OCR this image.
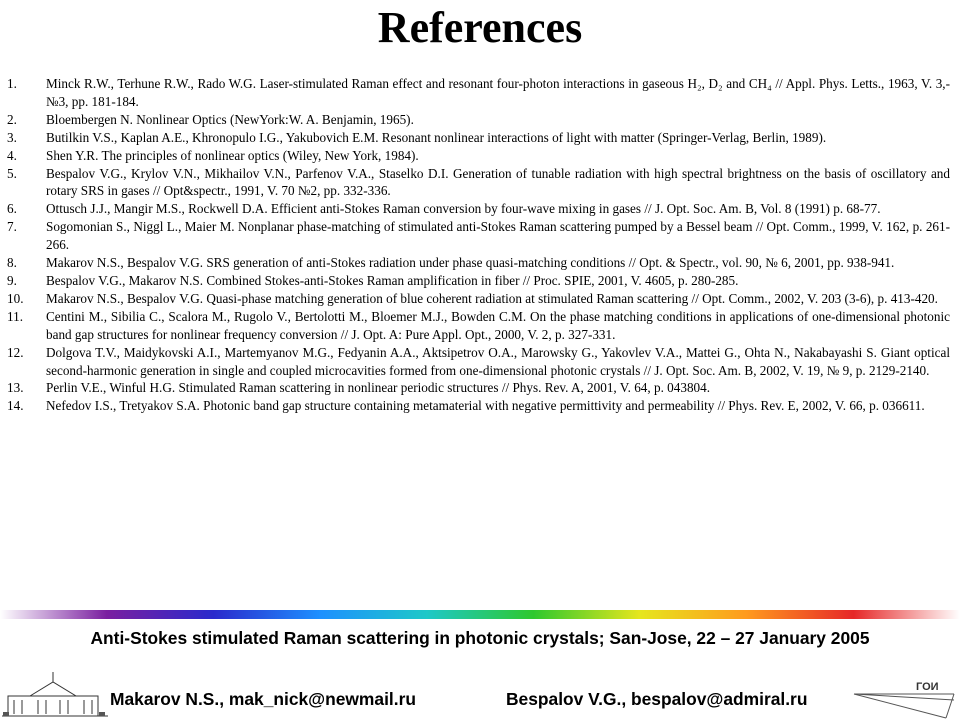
References
1. Minck R.W., Terhune R.W., Rado W.G. Laser-stimulated Raman effect and resonant four-photon interactions in gaseous H₂, D₂ and CH₄ // Appl. Phys. Letts., 1963, V. 3,-№3, pp. 181-184.
2. Bloembergen N. Nonlinear Optics (NewYork:W. A. Benjamin, 1965).
3. Butilkin V.S., Kaplan A.E., Khronopulo I.G., Yakubovich E.M. Resonant nonlinear interactions of light with matter (Springer-Verlag, Berlin, 1989).
4. Shen Y.R. The principles of nonlinear optics (Wiley, New York, 1984).
5. Bespalov V.G., Krylov V.N., Mikhailov V.N., Parfenov V.A., Staselko D.I. Generation of tunable radiation with high spectral brightness on the basis of oscillatory and rotary SRS in gases // Opt&spectr., 1991, V. 70 №2, pp. 332-336.
6. Ottusch J.J., Mangir M.S., Rockwell D.A. Efficient anti-Stokes Raman conversion by four-wave mixing in gases // J. Opt. Soc. Am. B, Vol. 8 (1991) p. 68-77.
7. Sogomonian S., Niggl L., Maier M. Nonplanar phase-matching of stimulated anti-Stokes Raman scattering pumped by a Bessel beam // Opt. Comm., 1999, V. 162, p. 261-266.
8. Makarov N.S., Bespalov V.G. SRS generation of anti-Stokes radiation under phase quasi-matching conditions // Opt. & Spectr., vol. 90, № 6, 2001, pp. 938-941.
9. Bespalov V.G., Makarov N.S. Combined Stokes-anti-Stokes Raman amplification in fiber // Proc. SPIE, 2001, V. 4605, p. 280-285.
10. Makarov N.S., Bespalov V.G. Quasi-phase matching generation of blue coherent radiation at stimulated Raman scattering // Opt. Comm., 2002, V. 203 (3-6), p. 413-420.
11. Centini M., Sibilia C., Scalora M., Rugolo V., Bertolotti M., Bloemer M.J., Bowden C.M. On the phase matching conditions in applications of one-dimensional photonic band gap structures for nonlinear frequency conversion // J. Opt. A: Pure Appl. Opt., 2000, V. 2, p. 327-331.
12. Dolgova T.V., Maidykovski A.I., Martemyanov M.G., Fedyanin A.A., Aktsipetrov O.A., Marowsky G., Yakovlev V.A., Mattei G., Ohta N., Nakabayashi S. Giant optical second-harmonic generation in single and coupled microcavities formed from one-dimensional photonic crystals // J. Opt. Soc. Am. B, 2002, V. 19, № 9, p. 2129-2140.
13. Perlin V.E., Winful H.G. Stimulated Raman scattering in nonlinear periodic structures // Phys. Rev. A, 2001, V. 64, p. 043804.
14. Nefedov I.S., Tretyakov S.A. Photonic band gap structure containing metamaterial with negative permittivity and permeability // Phys. Rev. E, 2002, V. 66, p. 036611.
Anti-Stokes stimulated Raman scattering in photonic crystals; San-Jose, 22 – 27 January 2005
Makarov N.S., mak_nick@newmail.ru	Bespalov V.G., bespalov@admiral.ru
ГОИ
